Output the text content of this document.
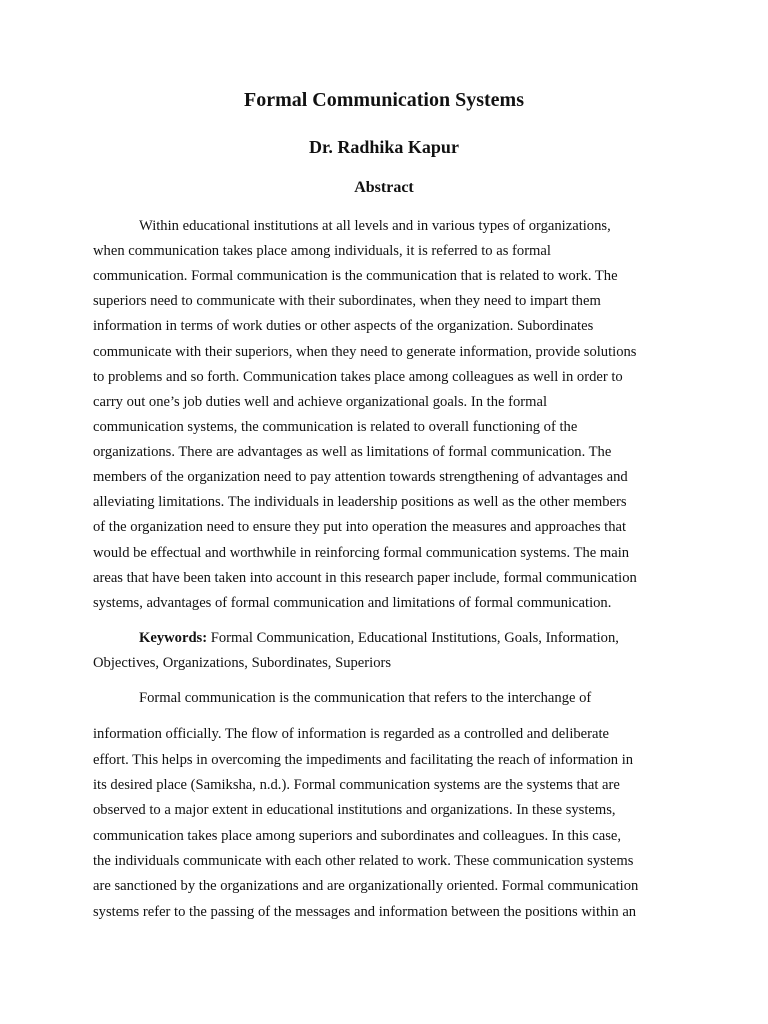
Formal Communication Systems
Dr. Radhika Kapur
Abstract
Within educational institutions at all levels and in various types of organizations,
when communication takes place among individuals, it is referred to as formal
communication. Formal communication is the communication that is related to work. The
superiors need to communicate with their subordinates, when they need to impart them
information in terms of work duties or other aspects of the organization. Subordinates
communicate with their superiors, when they need to generate information, provide solutions
to problems and so forth. Communication takes place among colleagues as well in order to
carry out one’s job duties well and achieve organizational goals. In the formal
communication systems, the communication is related to overall functioning of the
organizations. There are advantages as well as limitations of formal communication. The
members of the organization need to pay attention towards strengthening of advantages and
alleviating limitations. The individuals in leadership positions as well as the other members
of the organization need to ensure they put into operation the measures and approaches that
would be effectual and worthwhile in reinforcing formal communication systems. The main
areas that have been taken into account in this research paper include, formal communication
systems, advantages of formal communication and limitations of formal communication.
Keywords: Formal Communication, Educational Institutions, Goals, Information,
Objectives, Organizations, Subordinates, Superiors
Formal communication is the communication that refers to the interchange of
information officially. The flow of information is regarded as a controlled and deliberate
effort. This helps in overcoming the impediments and facilitating the reach of information in
its desired place (Samiksha, n.d.). Formal communication systems are the systems that are
observed to a major extent in educational institutions and organizations. In these systems,
communication takes place among superiors and subordinates and colleagues. In this case,
the individuals communicate with each other related to work. These communication systems
are sanctioned by the organizations and are organizationally oriented. Formal communication
systems refer to the passing of the messages and information between the positions within an
